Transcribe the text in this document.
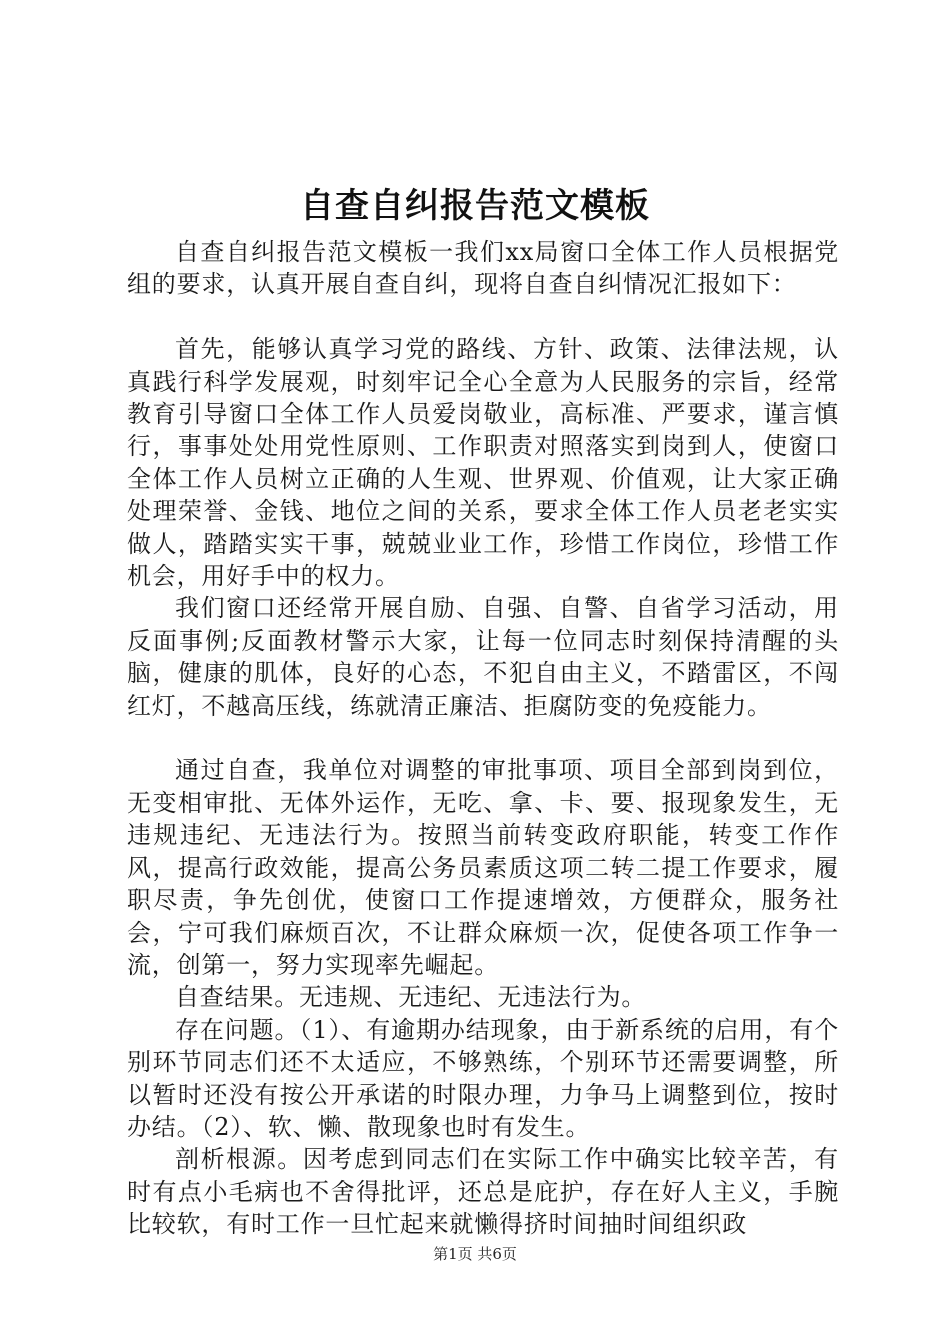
自查自纠报告范文模板

自查自纠报告范文模板一我们xx局窗口全体工作人员根据党组的要求，认真开展自查自纠，现将自查自纠情况汇报如下：

首先，能够认真学习党的路线、方针、政策、法律法规，认真践行科学发展观，时刻牢记全心全意为人民服务的宗旨，经常教育引导窗口全体工作人员爱岗敬业，高标准、严要求，谨言慎行，事事处处用党性原则、工作职责对照落实到岗到人，使窗口全体工作人员树立正确的人生观、世界观、价值观，让大家正确处理荣誉、金钱、地位之间的关系，要求全体工作人员老老实实做人，踏踏实实干事，兢兢业业工作，珍惜工作岗位，珍惜工作机会，用好手中的权力。

我们窗口还经常开展自励、自强、自警、自省学习活动，用反面事例;反面教材警示大家，让每一位同志时刻保持清醒的头脑，健康的肌体，良好的心态，不犯自由主义，不踏雷区，不闯红灯，不越高压线，练就清正廉洁、拒腐防变的免疫能力。

通过自查，我单位对调整的审批事项、项目全部到岗到位，无变相审批、无体外运作，无吃、拿、卡、要、报现象发生，无违规违纪、无违法行为。按照当前转变政府职能，转变工作作风，提高行政效能，提高公务员素质这项二转二提工作要求，履职尽责，争先创优，使窗口工作提速增效，方便群众，服务社会，宁可我们麻烦百次，不让群众麻烦一次，促使各项工作争一流，创第一，努力实现率先崛起。

自查结果。无违规、无违纪、无违法行为。

存在问题。（1）、有逾期办结现象，由于新系统的启用，有个别环节同志们还不太适应，不够熟练，个别环节还需要调整，所以暂时还没有按公开承诺的时限办理，力争马上调整到位，按时办结。（2）、软、懒、散现象也时有发生。

剖析根源。因考虑到同志们在实际工作中确实比较辛苦，有时有点小毛病也不舍得批评，还总是庇护，存在好人主义，手腕比较软，有时工作一旦忙起来就懒得挤时间抽时间组织政

第1页 共6页
